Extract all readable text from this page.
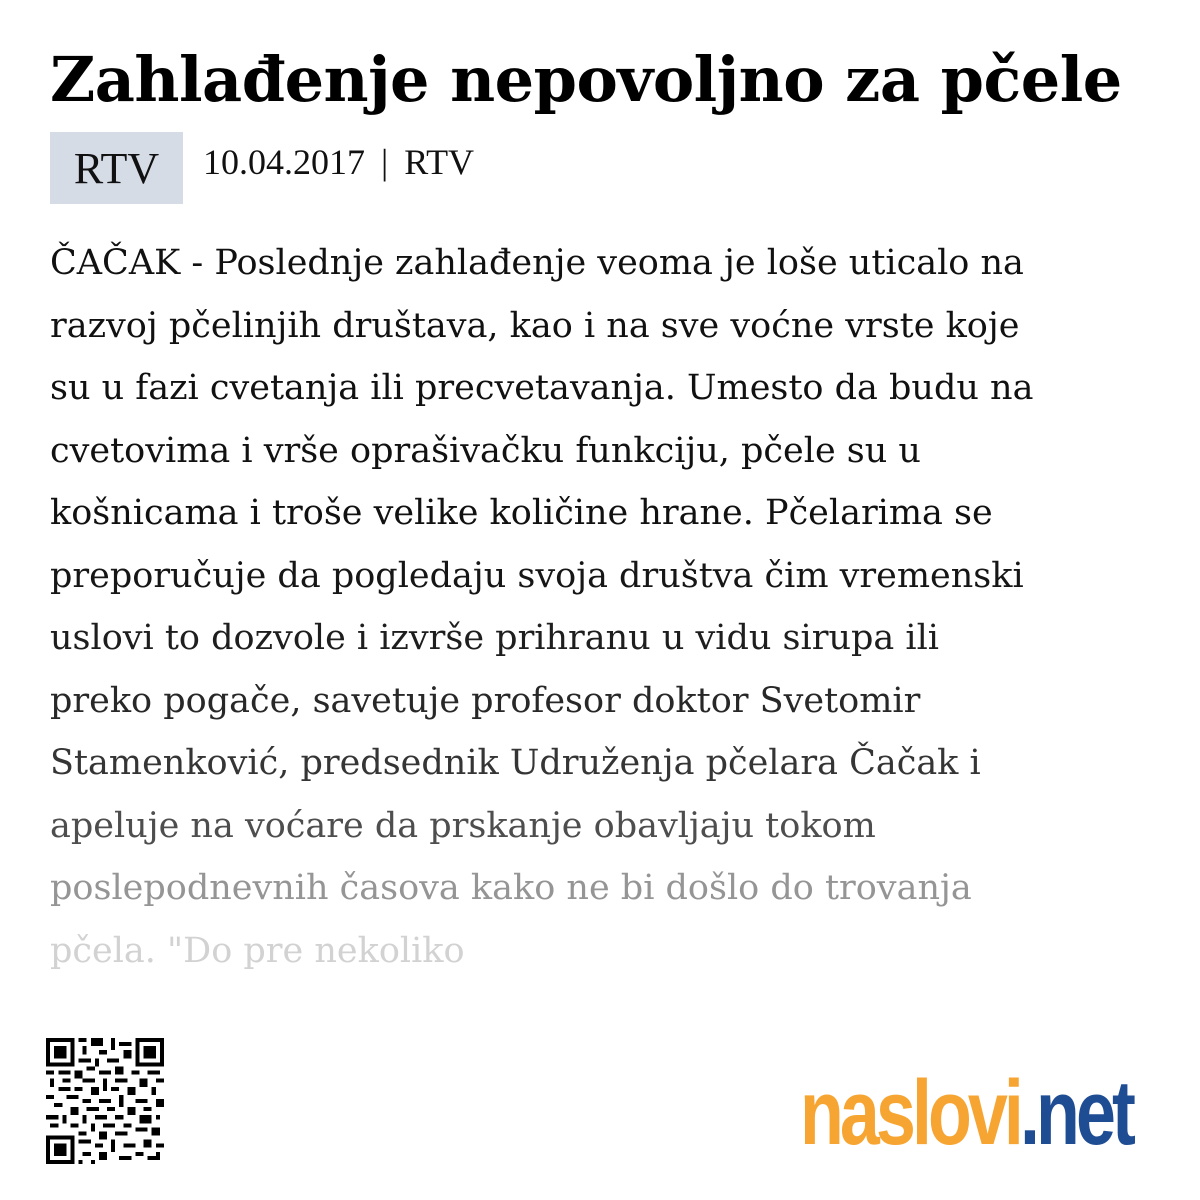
Zahlađenje nepovoljno za pčele
RTV	10.04.2017 | RTV
ČAČAK - Poslednje zahlađenje veoma je loše uticalo na
razvoj pčelinjih društava, kao i na sve voćne vrste koje
su u fazi cvetanja ili precvetavanja. Umesto da budu na
cvetovima i vrše oprašivačku funkciju, pčele su u
košnicama i troše velike količine hrane. Pčelarima se
preporučuje da pogledaju svoja društva čim vremenski
uslovi to dozvole i izvrše prihranu u vidu sirupa ili
preko pogače, savetuje profesor doktor Svetomir
Stamenković, predsednik Udruženja pčelara Čačak i
apeluje na voćare da prskanje obavljaju tokom
poslepodnevnih časova kako ne bi došlo do trovanja
pčela. "Do pre nekoliko
naslovi.net
